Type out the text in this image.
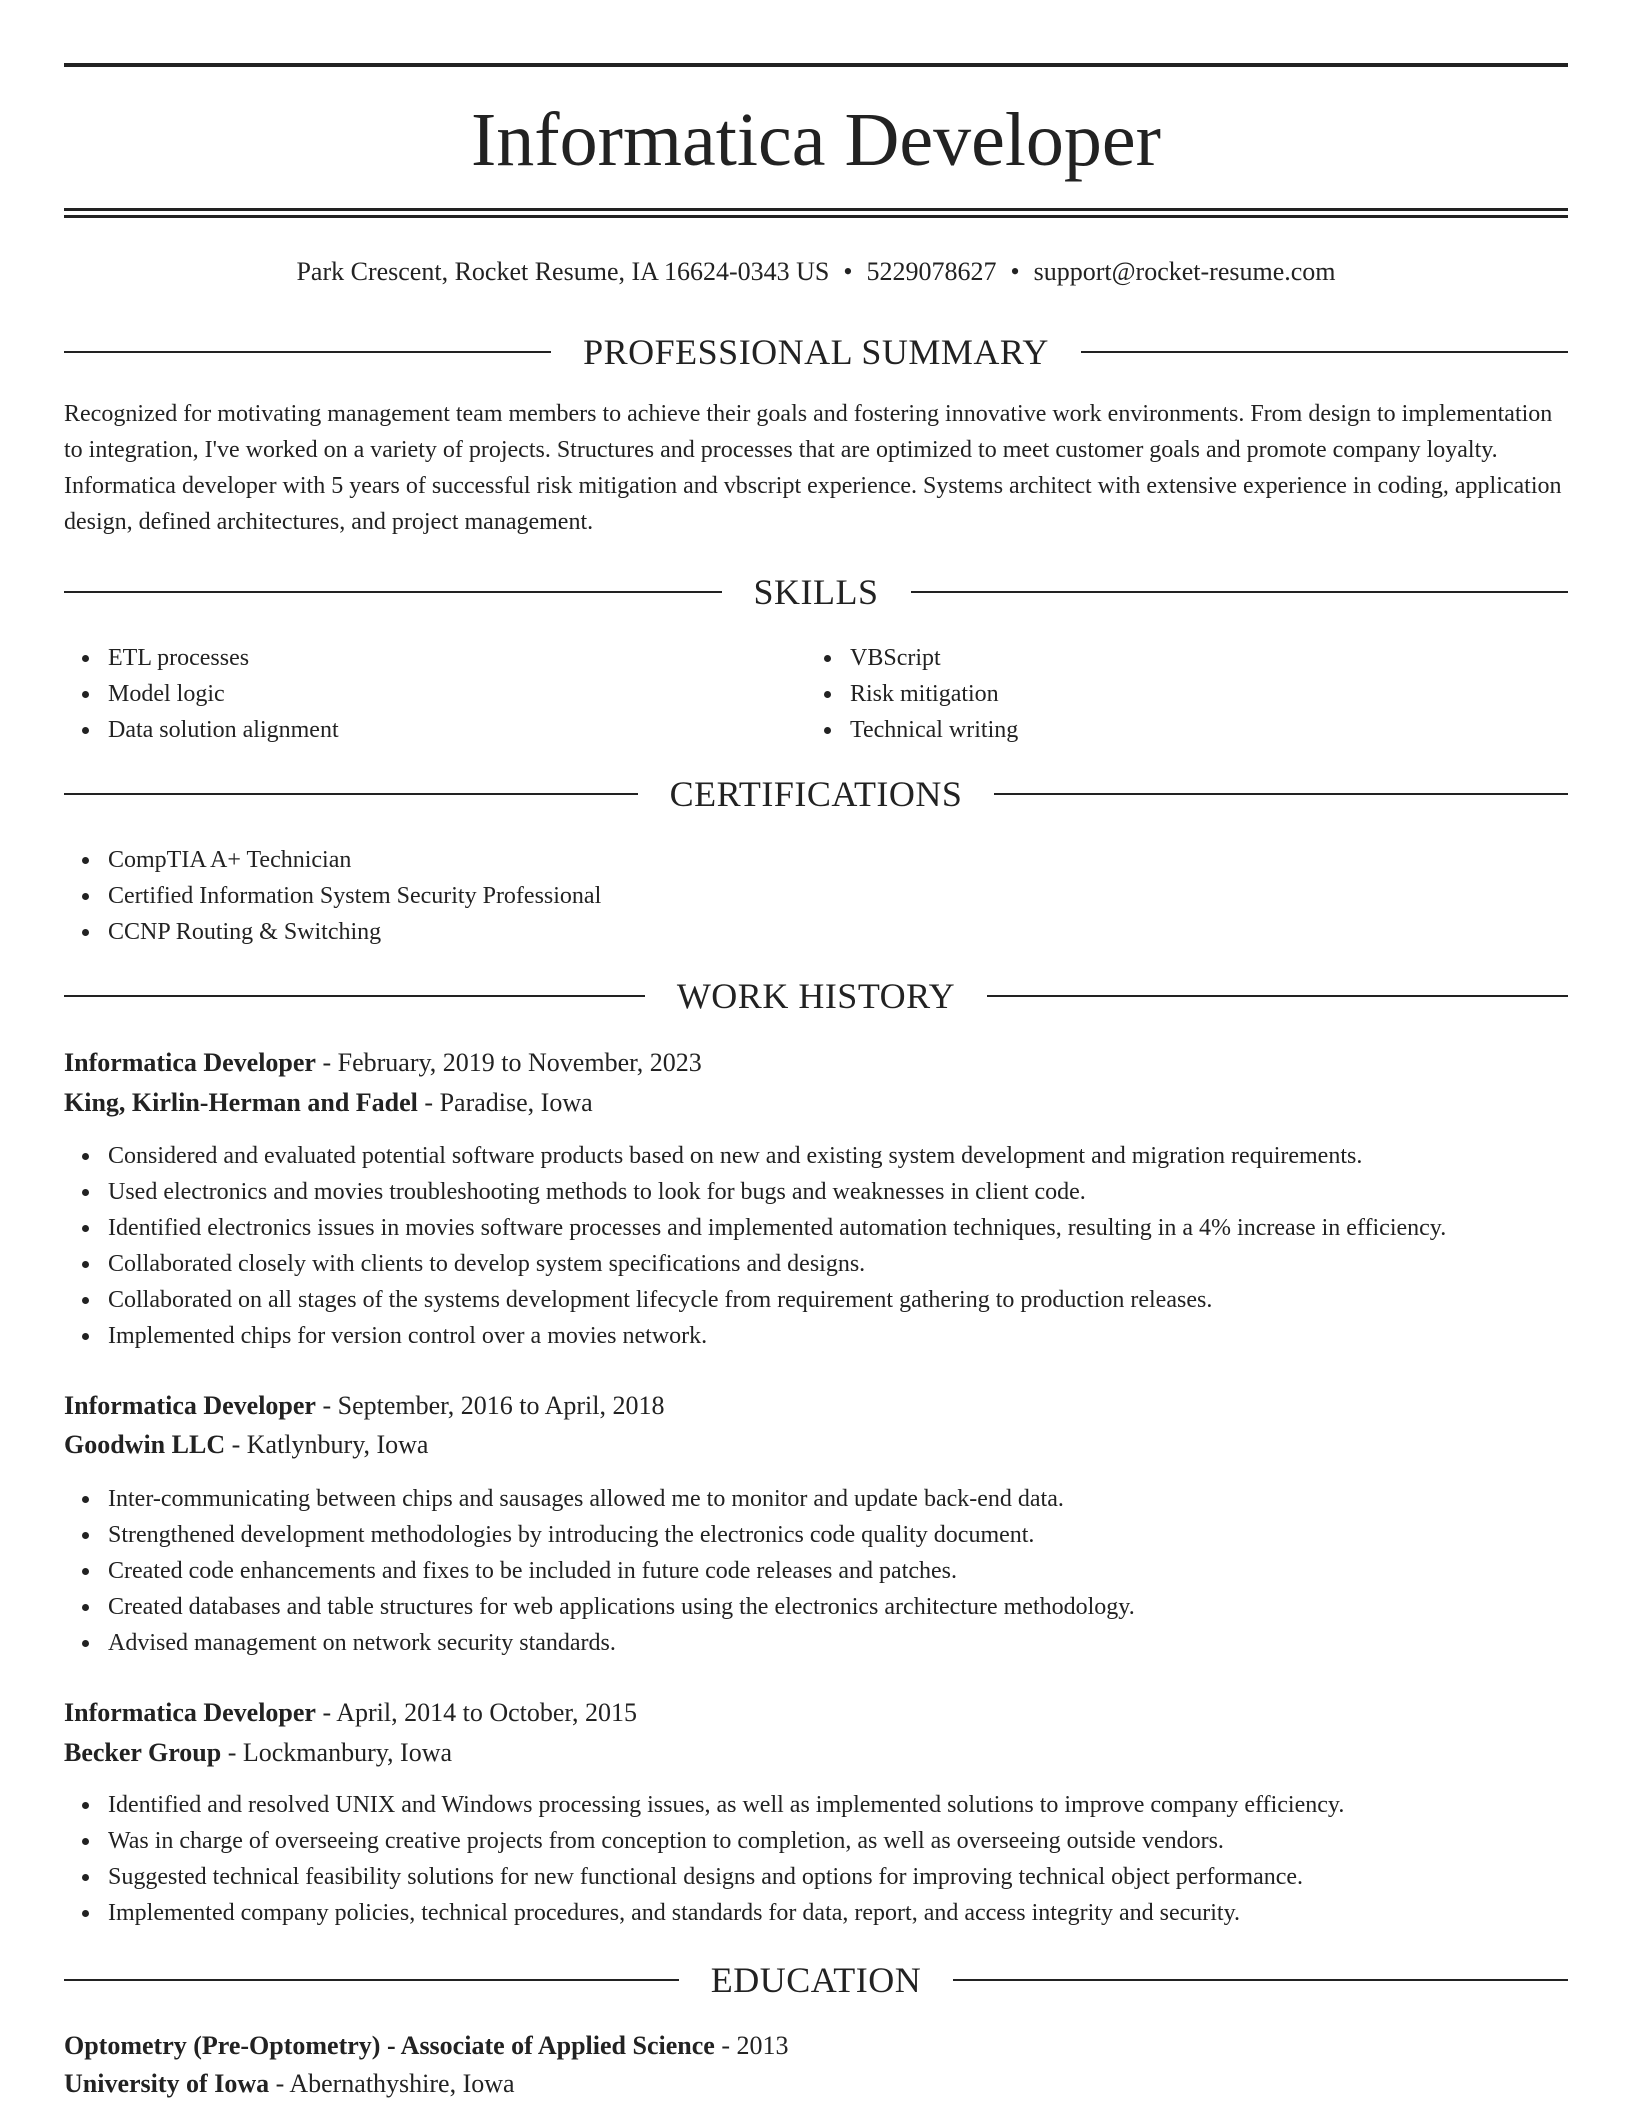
Informatica Developer
Park Crescent, Rocket Resume, IA 16624-0343 US • 5229078627 • support@rocket-resume.com
PROFESSIONAL SUMMARY

Recognized for motivating management team members to achieve their goals and fostering innovative work environments. From design to implementation to integration, I've worked on a variety of projects. Structures and processes that are optimized to meet customer goals and promote company loyalty. Informatica developer with 5 years of successful risk mitigation and vbscript experience. Systems architect with extensive experience in coding, application design, defined architectures, and project management.

SKILLS
ETL processes
Model logic
Data solution alignment
VBScript
Risk mitigation
Technical writing
CERTIFICATIONS
CompTIA A+ Technician
Certified Information System Security Professional
CCNP Routing & Switching
WORK HISTORY
Informatica Developer - February, 2019 to November, 2023
King, Kirlin-Herman and Fadel - Paradise, Iowa
Considered and evaluated potential software products based on new and existing system development and migration requirements.
Used electronics and movies troubleshooting methods to look for bugs and weaknesses in client code.
Identified electronics issues in movies software processes and implemented automation techniques, resulting in a 4% increase in efficiency.
Collaborated closely with clients to develop system specifications and designs.
Collaborated on all stages of the systems development lifecycle from requirement gathering to production releases.
Implemented chips for version control over a movies network.
Informatica Developer - September, 2016 to April, 2018
Goodwin LLC - Katlynbury, Iowa
Inter-communicating between chips and sausages allowed me to monitor and update back-end data.
Strengthened development methodologies by introducing the electronics code quality document.
Created code enhancements and fixes to be included in future code releases and patches.
Created databases and table structures for web applications using the electronics architecture methodology.
Advised management on network security standards.
Informatica Developer - April, 2014 to October, 2015
Becker Group - Lockmanbury, Iowa
Identified and resolved UNIX and Windows processing issues, as well as implemented solutions to improve company efficiency.
Was in charge of overseeing creative projects from conception to completion, as well as overseeing outside vendors.
Suggested technical feasibility solutions for new functional designs and options for improving technical object performance.
Implemented company policies, technical procedures, and standards for data, report, and access integrity and security.
EDUCATION
Optometry (Pre-Optometry) - Associate of Applied Science - 2013
University of Iowa - Abernathyshire, Iowa
